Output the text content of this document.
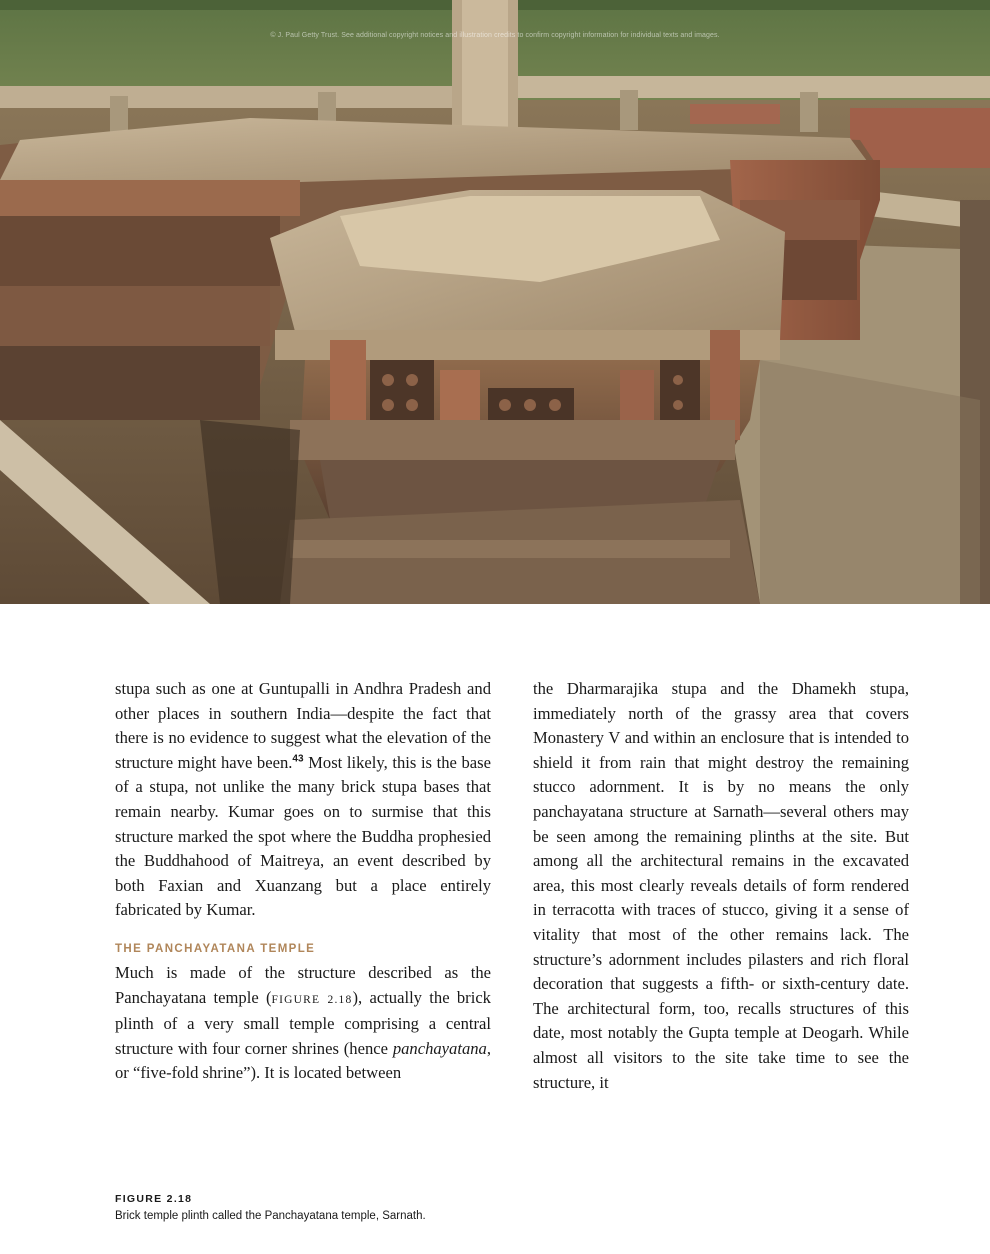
© J. Paul Getty Trust. See additional copyright notices and illustration credits to confirm copyright information for individual texts and images.

stupa such as one at Guntupalli in Andhra Pradesh and other places in southern India—despite the fact that there is no evidence to suggest what the elevation of the structure might have been.$^{43}$ Most likely, this is the base of a stupa, not unlike the many brick stupa bases that remain nearby. Kumar goes on to surmise that this structure marked the spot where the Buddha prophesied the Buddhahood of Maitreya, an event described by both Faxian and Xuanzang but a place entirely fabricated by Kumar.

THE PANCHAYATANA TEMPLE

Much is made of the structure described as the Panchayatana temple (FIGURE 2.18), actually the brick plinth of a very small temple comprising a central structure with four corner shrines (hence panchayatana, or “five-fold shrine”). It is located between

the Dharmarajika stupa and the Dhamekh stupa, immediately north of the grassy area that covers Monastery V and within an enclosure that is intended to shield it from rain that might destroy the remaining stucco adornment. It is by no means the only panchayatana structure at Sarnath—several others may be seen among the remaining plinths at the site. But among all the architectural remains in the excavated area, this most clearly reveals details of form rendered in terracotta with traces of stucco, giving it a sense of vitality that most of the other remains lack. The structure’s adornment includes pilasters and rich floral decoration that suggests a fifth- or sixth-century date. The architectural form, too, recalls structures of this date, most notably the Gupta temple at Deogarh. While almost all visitors to the site take time to see the structure, it

FIGURE 2.18
Brick temple plinth called the Panchayatana temple, Sarnath.
